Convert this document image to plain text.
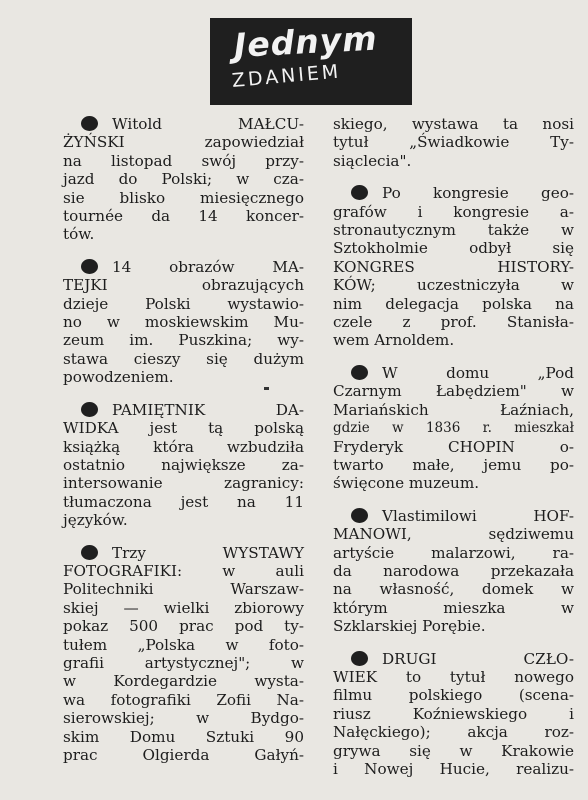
Jednym
ZDANIEM
Witold MAŁCU-
ŻYŃSKI zapowiedział
na listopad swój przy-
jazd do Polski; w cza-
sie blisko miesięcznego
tournée da 14 koncer-
tów.
14 obrazów MA-
TEJKI obrazujących
dzieje Polski wystawio-
no w moskiewskim Mu-
zeum im. Puszkina; wy-
stawa cieszy się dużym
powodzeniem.
PAMIĘTNIK DA-
WIDKA jest tą polską
książką która wzbudziła
ostatnio największe za-
intersowanie zagranicy:
tłumaczona jest na 11
języków.
Trzy WYSTAWY
FOTOGRAFIKI: w auli
Politechniki Warszaw-
skiej — wielki zbiorowy
pokaz 500 prac pod ty-
tułem „Polska w foto-
grafii artystycznej"; w
w Kordegardzie wysta-
wa fotografiki Zofii Na-
sierowskiej; w Bydgo-
skim Domu Sztuki 90
prac Olgierda Gałyń-
skiego, wystawa ta nosi
tytuł „Świadkowie Ty-
siąclecia".
Po kongresie geo-
grafów i kongresie a-
stronautycznym także w
Sztokholmie odbył się
KONGRES HISTORY-
KÓW; uczestniczyła w
nim delegacja polska na
czele z prof. Stanisła-
wem Arnoldem.
W domu „Pod
Czarnym Łabędziem" w
Mariańskich Łaźniach,
gdzie w 1836 r. mieszkał
Fryderyk CHOPIN o-
twarto małe, jemu po-
święcone muzeum.
Vlastimilowi HOF-
MANOWI, sędziwemu
artyście malarzowi, ra-
da narodowa przekazała
na własność, domek w
którym mieszka w
Szklarskiej Porębie.
DRUGI CZŁO-
WIEK to tytuł nowego
filmu polskiego (scena-
riusz Koźniewskiego i
Nałęckiego); akcja roz-
grywa się w Krakowie
i Nowej Hucie, realizu-
